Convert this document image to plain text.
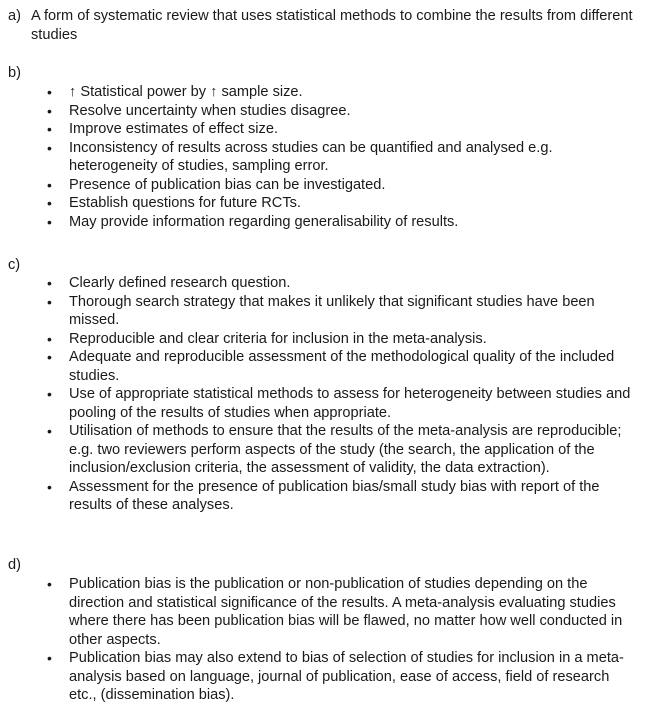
a) A form of systematic review that uses statistical methods to combine the results from different studies
b)
• ↑ Statistical power by ↑ sample size.
• Resolve uncertainty when studies disagree.
• Improve estimates of effect size.
• Inconsistency of results across studies can be quantified and analysed e.g. heterogeneity of studies, sampling error.
• Presence of publication bias can be investigated.
• Establish questions for future RCTs.
• May provide information regarding generalisability of results.
c)
• Clearly defined research question.
• Thorough search strategy that makes it unlikely that significant studies have been missed.
• Reproducible and clear criteria for inclusion in the meta-analysis.
• Adequate and reproducible assessment of the methodological quality of the included studies.
• Use of appropriate statistical methods to assess for heterogeneity between studies and pooling of the results of studies when appropriate.
• Utilisation of methods to ensure that the results of the meta-analysis are reproducible; e.g. two reviewers perform aspects of the study (the search, the application of the inclusion/exclusion criteria, the assessment of validity, the data extraction).
• Assessment for the presence of publication bias/small study bias with report of the results of these analyses.
d)
• Publication bias is the publication or non-publication of studies depending on the direction and statistical significance of the results. A meta-analysis evaluating studies where there has been publication bias will be flawed, no matter how well conducted in other aspects.
• Publication bias may also extend to bias of selection of studies for inclusion in a meta-analysis based on language, journal of publication, ease of access, field of research etc., (dissemination bias).
